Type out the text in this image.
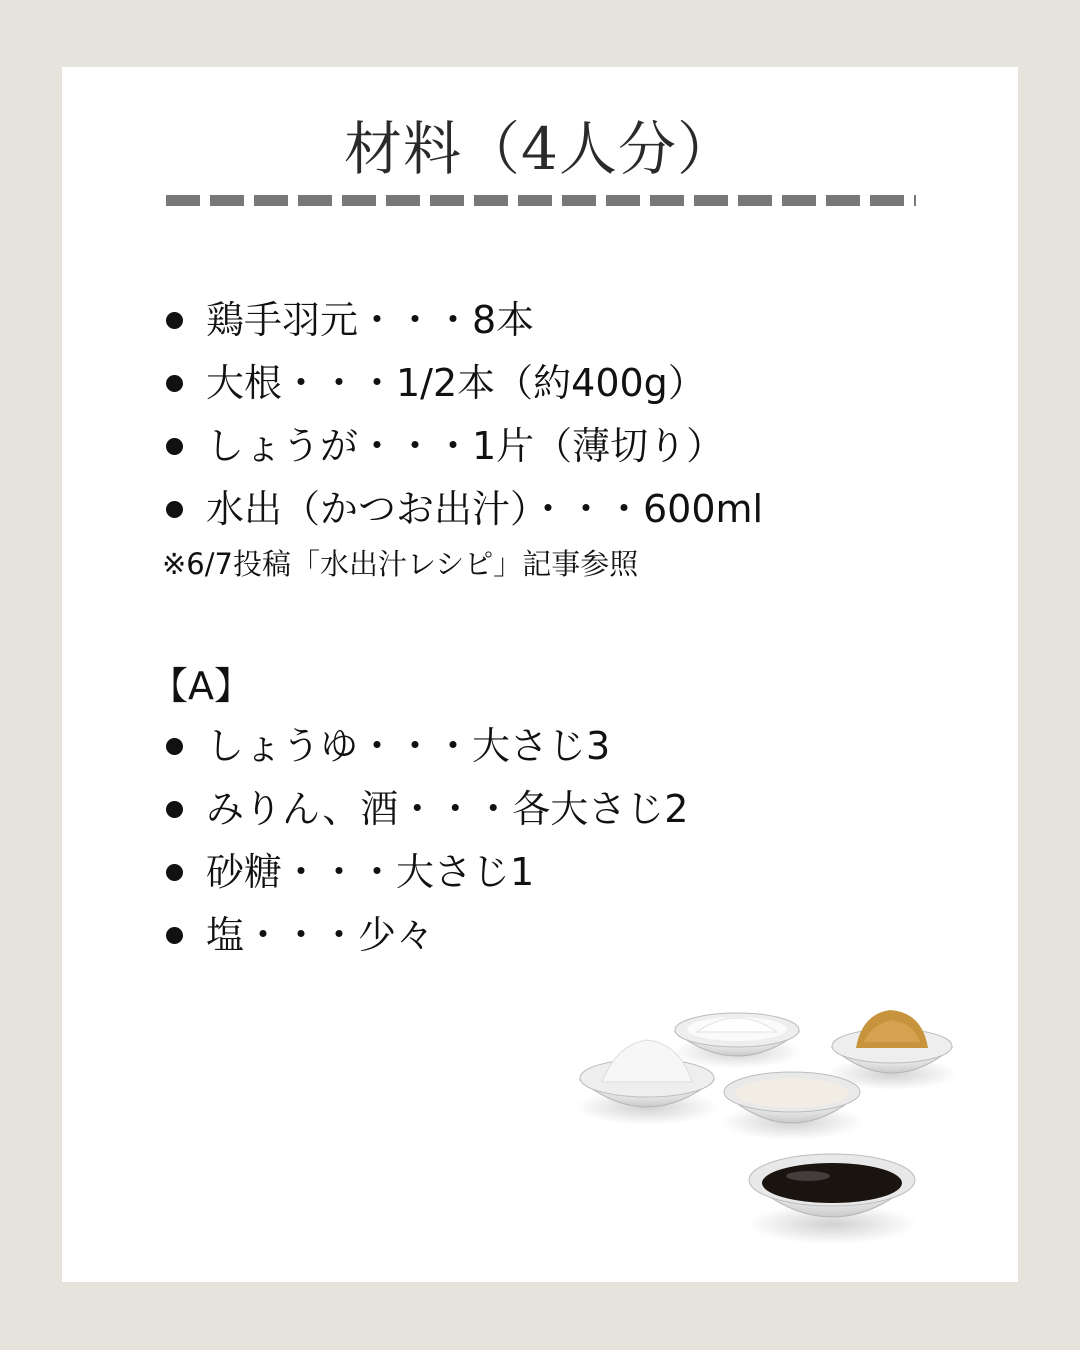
材料（4人分）
鶏手羽元・・・8本
大根・・・1/2本（約400g）
しょうが・・・1片（薄切り）
水出（かつお出汁）・・・600ml
※6/7投稿「水出汁レシピ」記事参照
【A】
しょうゆ・・・大さじ3
みりん、酒・・・各大さじ2
砂糖・・・大さじ1
塩・・・少々
